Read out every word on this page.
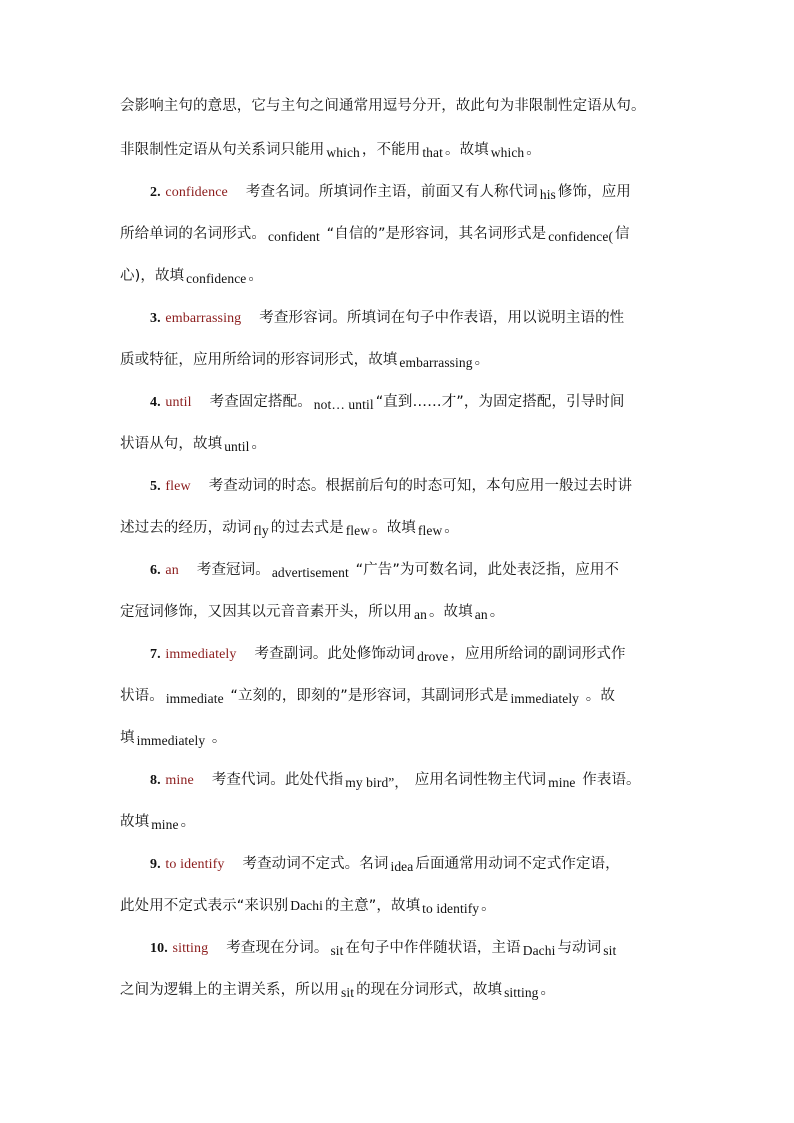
会影响主句的意思，它与主句之间通常用逗号分开，故此句为非限制性定语从句。
非限制性定语从句关系词只能用 which ，不能用 that 。故填 which 。
2. confidence 考查名词。所填词作主语，前面又有人称代词 his 修饰，应用
所给单词的名词形式。 confident “自信的”是形容词，其名词形式是 confidence( 信
心)，故填 confidence 。
3. embarrassing 考查形容词。所填词在句子中作表语，用以说明主语的性
质或特征，应用所给词的形容词形式，故填 embarrassing 。
4. until 考查固定搭配。 not… until “直到……才”，为固定搭配，引导时间
状语从句，故填 until 。
5. flew 考查动词的时态。根据前后句的时态可知，本句应用一般过去时讲
述过去的经历，动词 fly 的过去式是 flew 。故填 flew 。
6. an 考查冠词。 advertisement “广告”为可数名词，此处表泛指，应用不
定冠词修饰，又因其以元音音素开头，所以用 an 。故填 an 。
7. immediately 考查副词。此处修饰动词 drove ，应用所给词的副词形式作
状语。 immediate “立刻的，即刻的”是形容词，其副词形式是 immediately 。故
填 immediately 。
8. mine 考查代词。此处代指 my bird”， 应用名词性物主代词 mine 作表语。
故填 mine 。
9. to identify 考查动词不定式。名词 idea 后面通常用动词不定式作定语，
此处用不定式表示“来识别 Dachi 的主意”，故填 to identify 。
10. sitting 考查现在分词。 sit 在句子中作伴随状语，主语 Dachi 与动词 sit
之间为逻辑上的主谓关系，所以用 sit 的现在分词形式，故填 sitting 。
